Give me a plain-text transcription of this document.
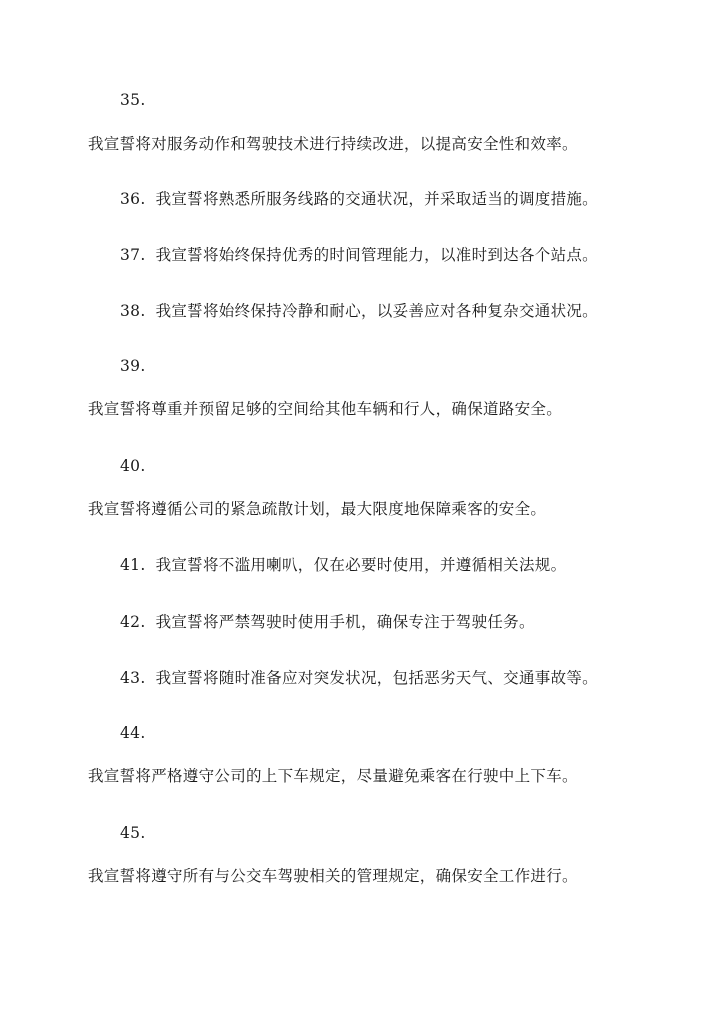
35.
我宣誓将对服务动作和驾驶技术进行持续改进，以提高安全性和效率。
36. 我宣誓将熟悉所服务线路的交通状况，并采取适当的调度措施。
37. 我宣誓将始终保持优秀的时间管理能力，以准时到达各个站点。
38. 我宣誓将始终保持冷静和耐心，以妥善应对各种复杂交通状况。
39.
我宣誓将尊重并预留足够的空间给其他车辆和行人，确保道路安全。
40.
我宣誓将遵循公司的紧急疏散计划，最大限度地保障乘客的安全。
41. 我宣誓将不滥用喇叭，仅在必要时使用，并遵循相关法规。
42. 我宣誓将严禁驾驶时使用手机，确保专注于驾驶任务。
43. 我宣誓将随时准备应对突发状况，包括恶劣天气、交通事故等。
44.
我宣誓将严格遵守公司的上下车规定，尽量避免乘客在行驶中上下车。
45.
我宣誓将遵守所有与公交车驾驶相关的管理规定，确保安全工作进行。
